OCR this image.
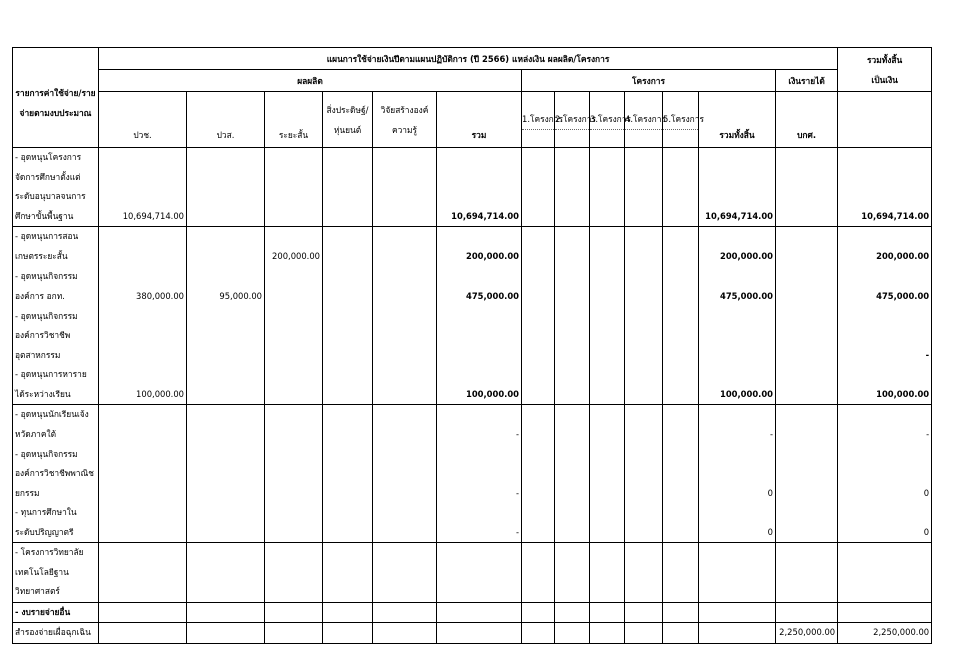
รายการค่าใช้จ่าย/รายจ่ายตามงบประมาณ	แผนการใช้จ่ายเงินปีตามแผนปฏิบัติการ (ปี 2566) แหล่งเงิน ผลผลิต/โครงการ													รวมทั้งสิ้น
เป็นเงิน

	ผลผลิต						โครงการ						เงินรายได้	
	ปวช.	ปวส.	ระยะสั้น	สิ่งประดิษฐ์/หุ่นยนต์	วิจัยสร้างองค์ความรู้	รวม	1.โครงการ	2.โครงการ	3.โครงการ	4.โครงการ	5.โครงการ	รวมทั้งสิ้น	บกศ.	
- อุดหนุนโครงการจัดการศึกษาตั้งแต่ระดับอนุบาลจนการศึกษาขั้นพื้นฐาน	10,694,714.00					10,694,714.00						10,694,714.00		10,694,714.00
- อุดหนุนการสอนเกษตรระยะสั้น			200,000.00			200,000.00						200,000.00		200,000.00
- อุดหนุนกิจกรรมองค์การ อกท.	380,000.00	95,000.00				475,000.00						475,000.00		475,000.00
- อุดหนุนกิจกรรมองค์การวิชาชีพอุตสาหกรรม														-
- อุดหนุนการหารายได้ระหว่างเรียน	100,000.00					100,000.00						100,000.00		100,000.00
- อุดหนุนนักเรียนเจ้งหวัดภาคใต้						-						-		-
- อุดหนุนกิจกรรมองค์การวิชาชีพพาณิชยกรรม						-						0		0
- ทุนการศึกษาในระดับปริญญาตรี						-						0		0
- โครงการวิทยาลัยเทคโนโลยีฐานวิทยาศาสตร์														
- งบรายจ่ายอื่น														
สำรองจ่ายเผื่อฉุกเฉิน													2,250,000.00	2,250,000.00
